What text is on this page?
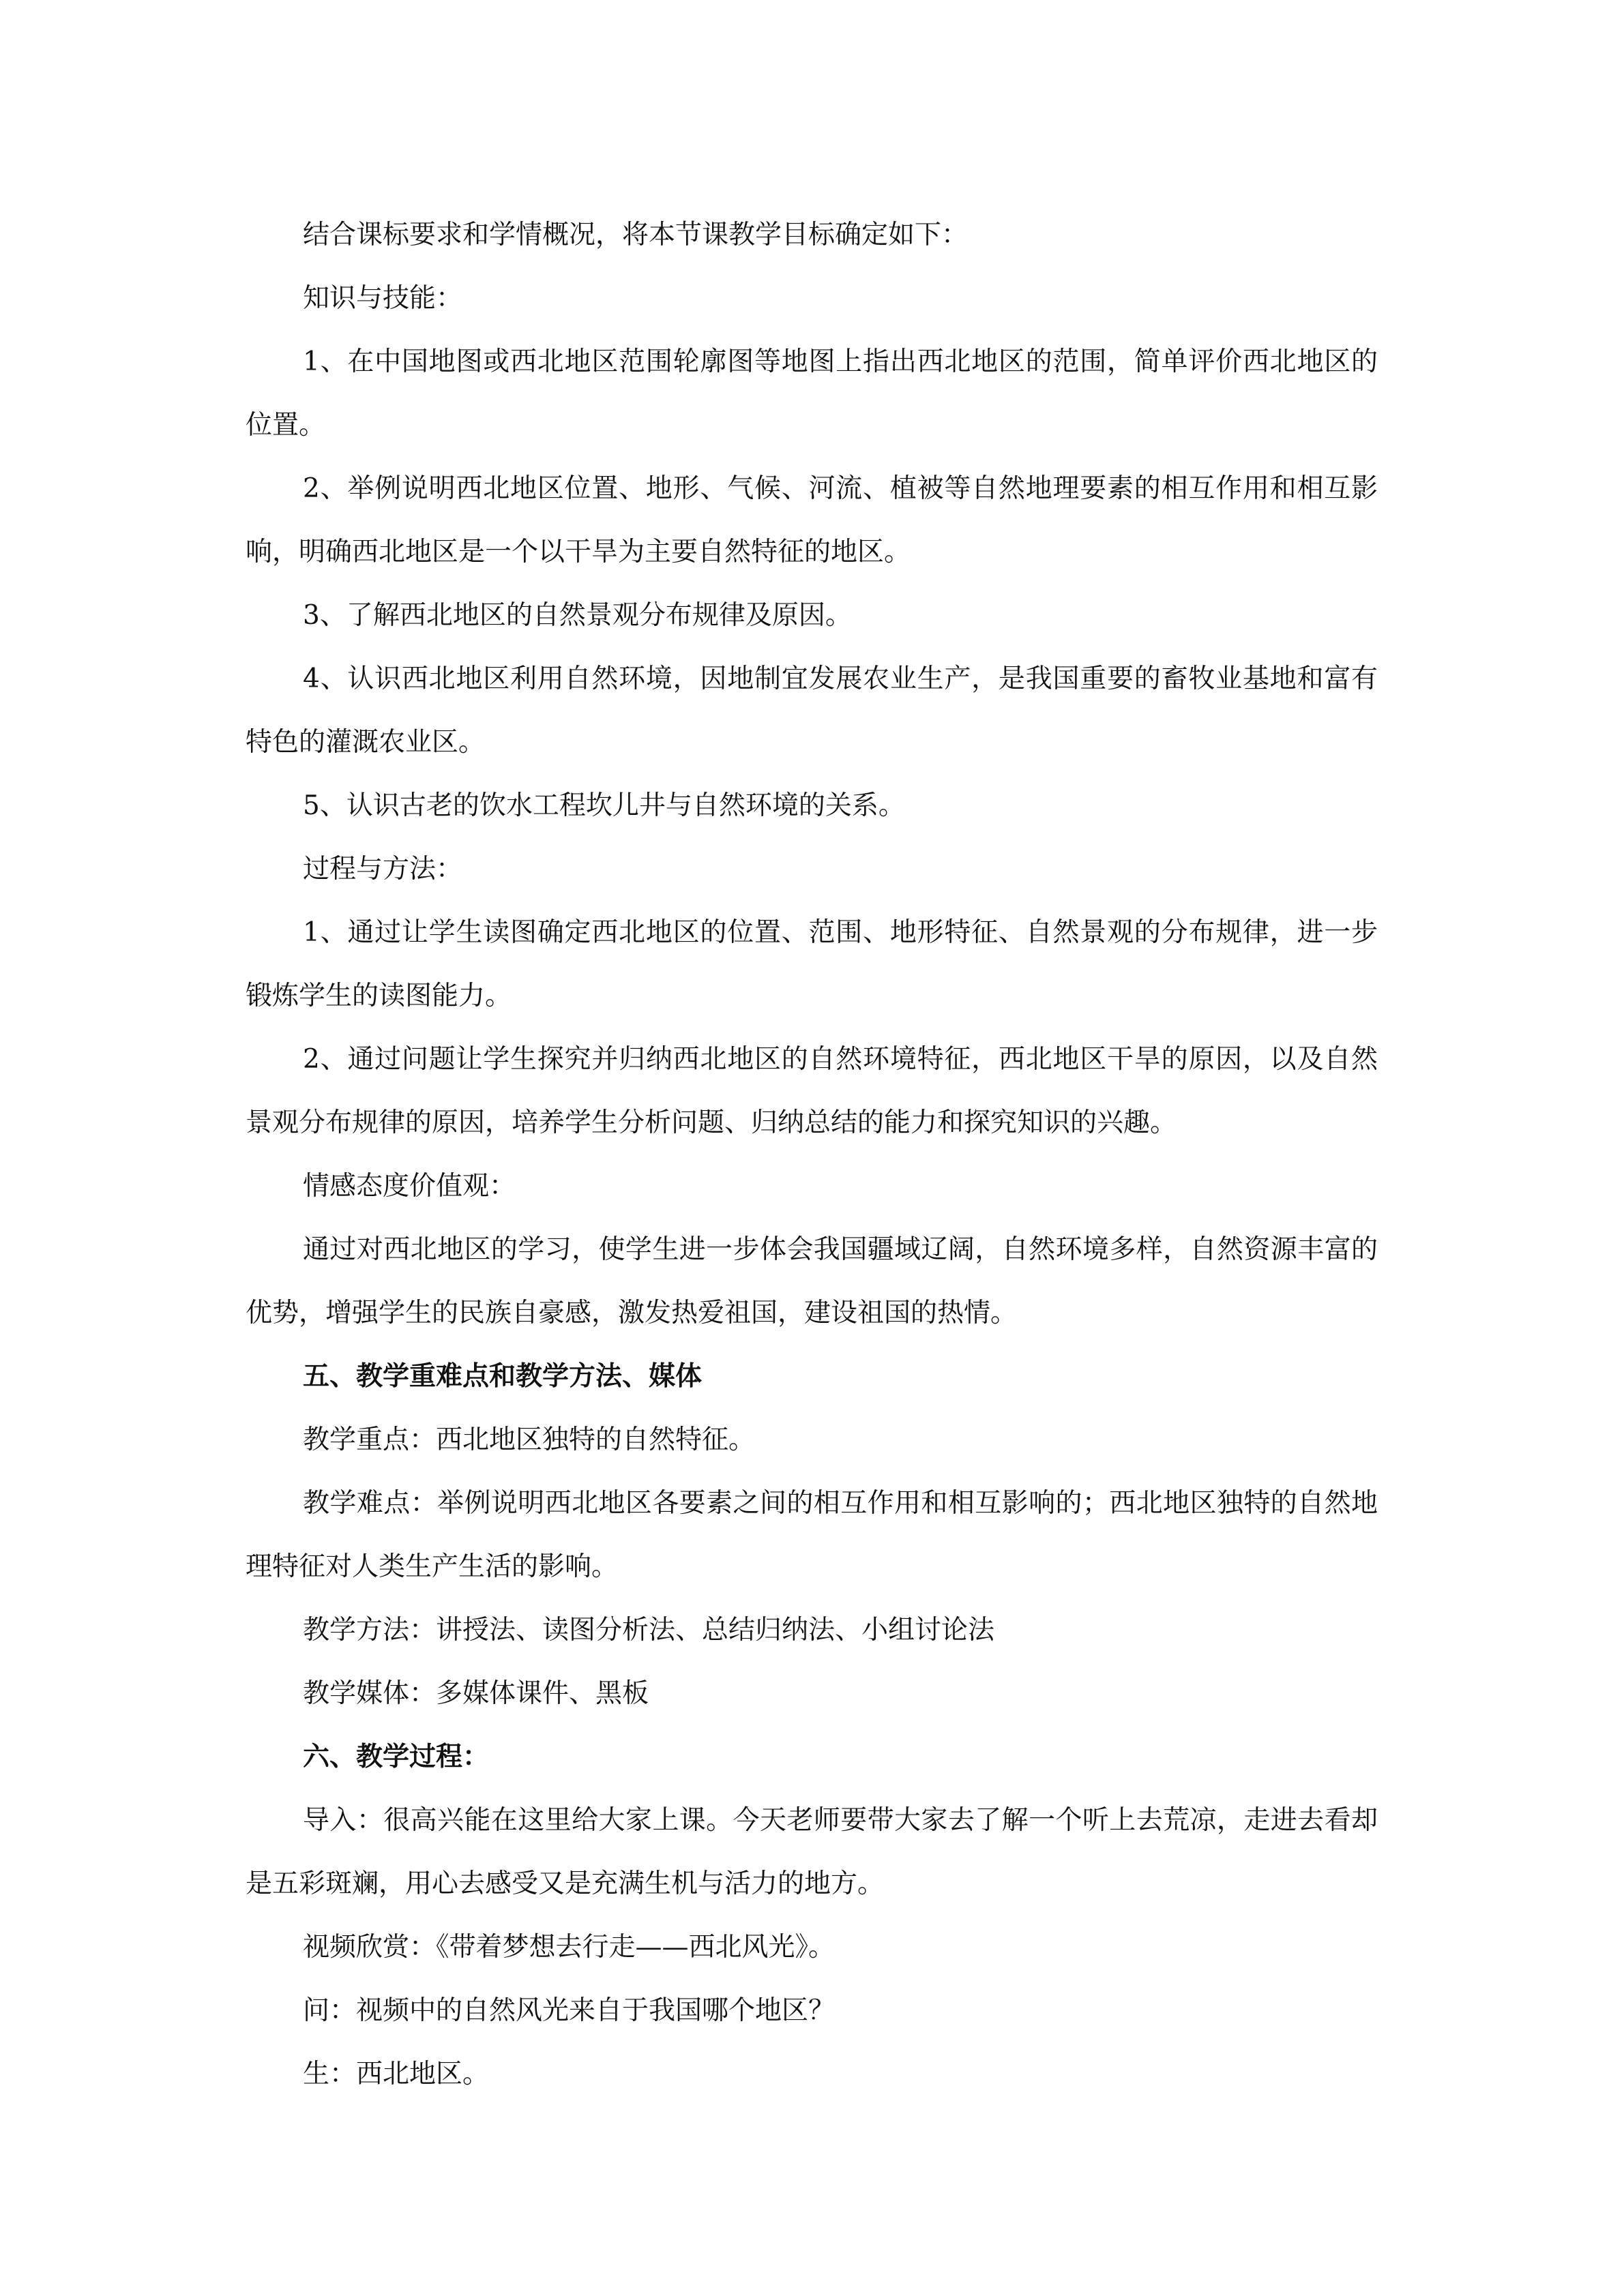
结合课标要求和学情概况，将本节课教学目标确定如下：

知识与技能：

1、在中国地图或西北地区范围轮廓图等地图上指出西北地区的范围，简单评价西北地区的位置。

2、举例说明西北地区位置、地形、气候、河流、植被等自然地理要素的相互作用和相互影响，明确西北地区是一个以干旱为主要自然特征的地区。

3、了解西北地区的自然景观分布规律及原因。

4、认识西北地区利用自然环境，因地制宜发展农业生产，是我国重要的畜牧业基地和富有特色的灌溉农业区。

5、认识古老的饮水工程坎儿井与自然环境的关系。

过程与方法：

1、通过让学生读图确定西北地区的位置、范围、地形特征、自然景观的分布规律，进一步锻炼学生的读图能力。

2、通过问题让学生探究并归纳西北地区的自然环境特征，西北地区干旱的原因，以及自然景观分布规律的原因，培养学生分析问题、归纳总结的能力和探究知识的兴趣。

情感态度价值观：

通过对西北地区的学习，使学生进一步体会我国疆域辽阔，自然环境多样，自然资源丰富的优势，增强学生的民族自豪感，激发热爱祖国，建设祖国的热情。

五、教学重难点和教学方法、媒体

教学重点：西北地区独特的自然特征。

教学难点：举例说明西北地区各要素之间的相互作用和相互影响的；西北地区独特的自然地理特征对人类生产生活的影响。

教学方法：讲授法、读图分析法、总结归纳法、小组讨论法

教学媒体：多媒体课件、黑板

六、教学过程：

导入：很高兴能在这里给大家上课。今天老师要带大家去了解一个听上去荒凉，走进去看却是五彩斑斓，用心去感受又是充满生机与活力的地方。

视频欣赏：《带着梦想去行走——西北风光》。

问：视频中的自然风光来自于我国哪个地区？

生：西北地区。
